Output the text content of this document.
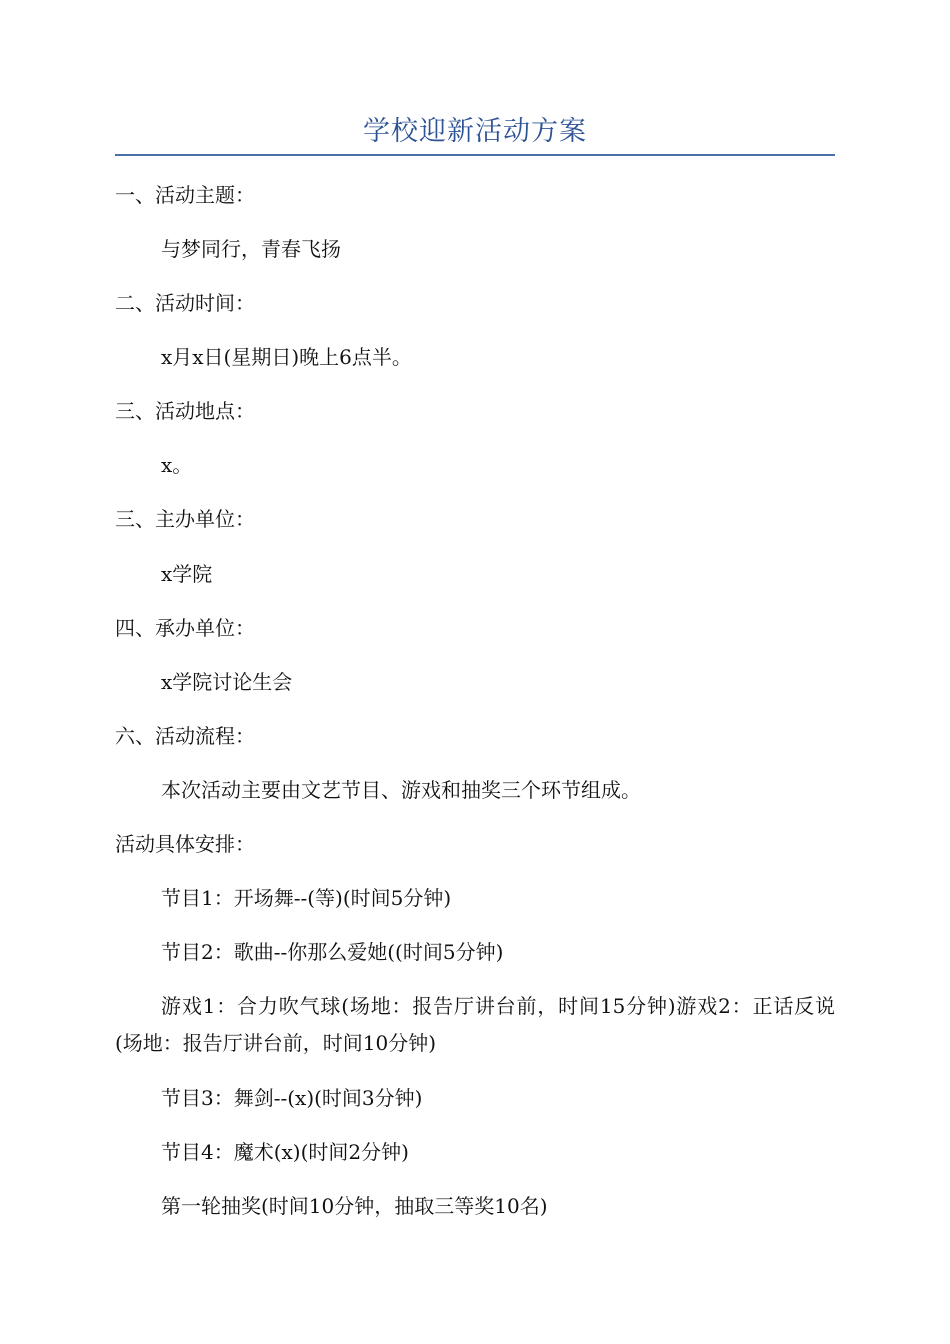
学校迎新活动方案
一、活动主题：
与梦同行，青春飞扬
二、活动时间：
x月x日(星期日)晚上6点半。
三、活动地点：
x。
三、主办单位：
x学院
四、承办单位：
x学院讨论生会
六、活动流程：
本次活动主要由文艺节目、游戏和抽奖三个环节组成。
活动具体安排：
节目1：开场舞--(等)(时间5分钟)
节目2：歌曲--你那么爱她((时间5分钟)
游戏1：合力吹气球(场地：报告厅讲台前，时间15分钟)游戏2：正话反说(场地：报告厅讲台前，时间10分钟)
节目3：舞剑--(x)(时间3分钟)
节目4：魔术(x)(时间2分钟)
第一轮抽奖(时间10分钟，抽取三等奖10名)
